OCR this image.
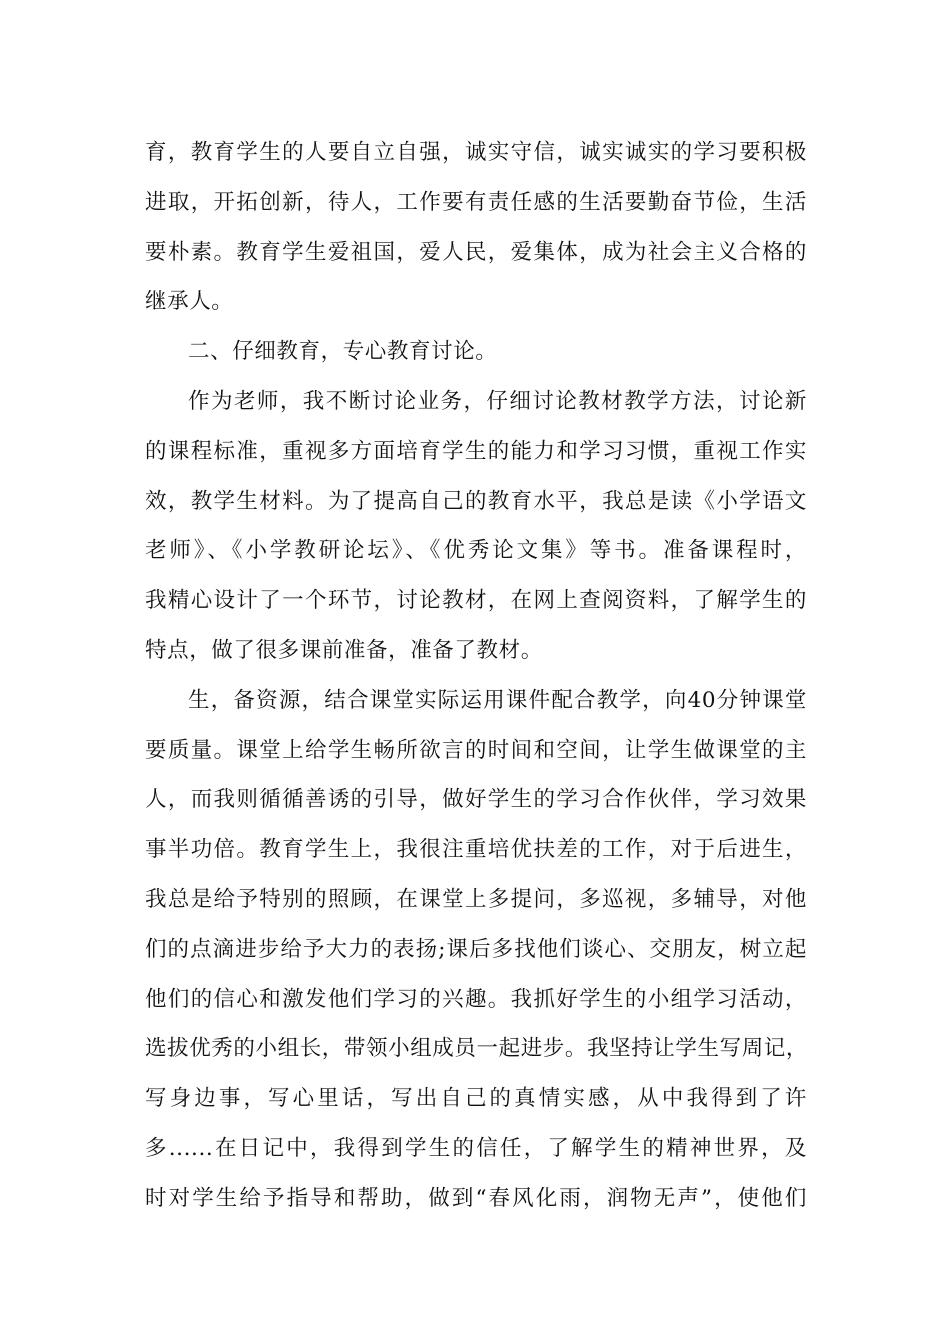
育，教育学生的人要自立自强，诚实守信，诚实诚实的学习要积极
进取，开拓创新，待人，工作要有责任感的生活要勤奋节俭，生活
要朴素。教育学生爱祖国，爱人民，爱集体，成为社会主义合格的
继承人。
二、仔细教育，专心教育讨论。
作为老师，我不断讨论业务，仔细讨论教材教学方法，讨论新
的课程标准，重视多方面培育学生的能力和学习习惯，重视工作实
效，教学生材料。为了提高自己的教育水平，我总是读《小学语文
老师》、《小学教研论坛》、《优秀论文集》等书。准备课程时，
我精心设计了一个环节，讨论教材，在网上查阅资料，了解学生的
特点，做了很多课前准备，准备了教材。
生，备资源，结合课堂实际运用课件配合教学，向40分钟课堂
要质量。课堂上给学生畅所欲言的时间和空间，让学生做课堂的主
人，而我则循循善诱的引导，做好学生的学习合作伙伴，学习效果
事半功倍。教育学生上，我很注重培优扶差的工作，对于后进生，
我总是给予特别的照顾，在课堂上多提问，多巡视，多辅导，对他
们的点滴进步给予大力的表扬;课后多找他们谈心、交朋友，树立起
他们的信心和激发他们学习的兴趣。我抓好学生的小组学习活动，
选拔优秀的小组长，带领小组成员一起进步。我坚持让学生写周记，
写身边事，写心里话，写出自己的真情实感，从中我得到了许
多......在日记中，我得到学生的信任，了解学生的精神世界，及
时对学生给予指导和帮助，做到“春风化雨，润物无声”，使他们
